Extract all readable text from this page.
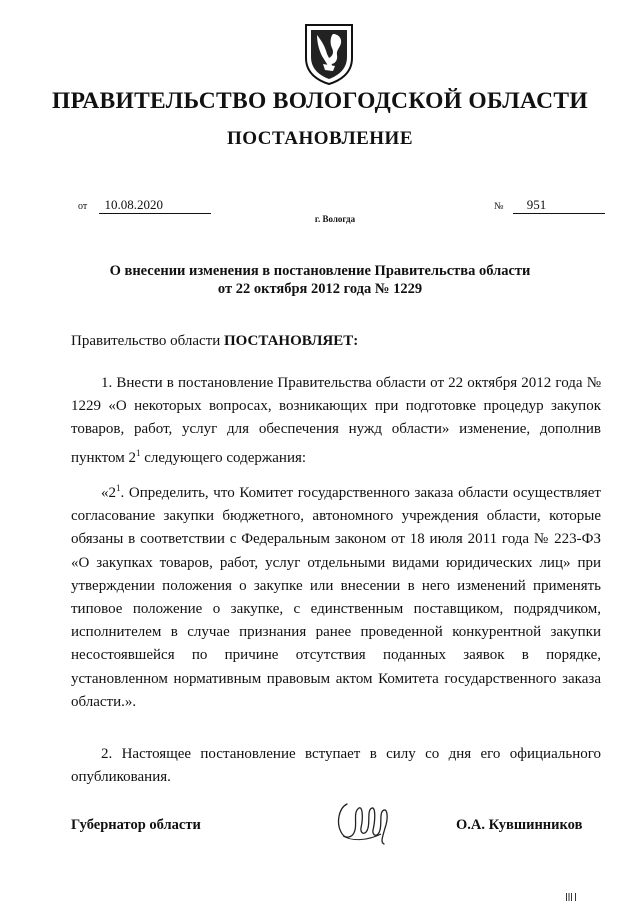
ПРАВИТЕЛЬСТВО ВОЛОГОДСКОЙ ОБЛАСТИ
ПОСТАНОВЛЕНИЕ
от 10.08.2020	№ 951
г. Вологда
О внесении изменения в постановление Правительства области
от 22 октября 2012 года № 1229
Правительство области ПОСТАНОВЛЯЕТ:
1. Внести в постановление Правительства области от 22 октября 2012 года № 1229 «О некоторых вопросах, возникающих при подготовке процедур закупок товаров, работ, услуг для обеспечения нужд области» изменение, дополнив пунктом $2^1$ следующего содержания:
«$2^1$. Определить, что Комитет государственного заказа области осуществляет согласование закупки бюджетного, автономного учреждения области, которые обязаны в соответствии с Федеральным законом от 18 июля 2011 года № 223-ФЗ «О закупках товаров, работ, услуг отдельными видами юридических лиц» при утверждении положения о закупке или внесении в него изменений применять типовое положение о закупке, с единственным поставщиком, подрядчиком, исполнителем в случае признания ранее проведенной конкурентной закупки несостоявшейся по причине отсутствия поданных заявок в порядке, установленном нормативным правовым актом Комитета государственного заказа области.».
2. Настоящее постановление вступает в силу со дня его официального опубликования.
Губернатор области	О.А. Кувшинников
